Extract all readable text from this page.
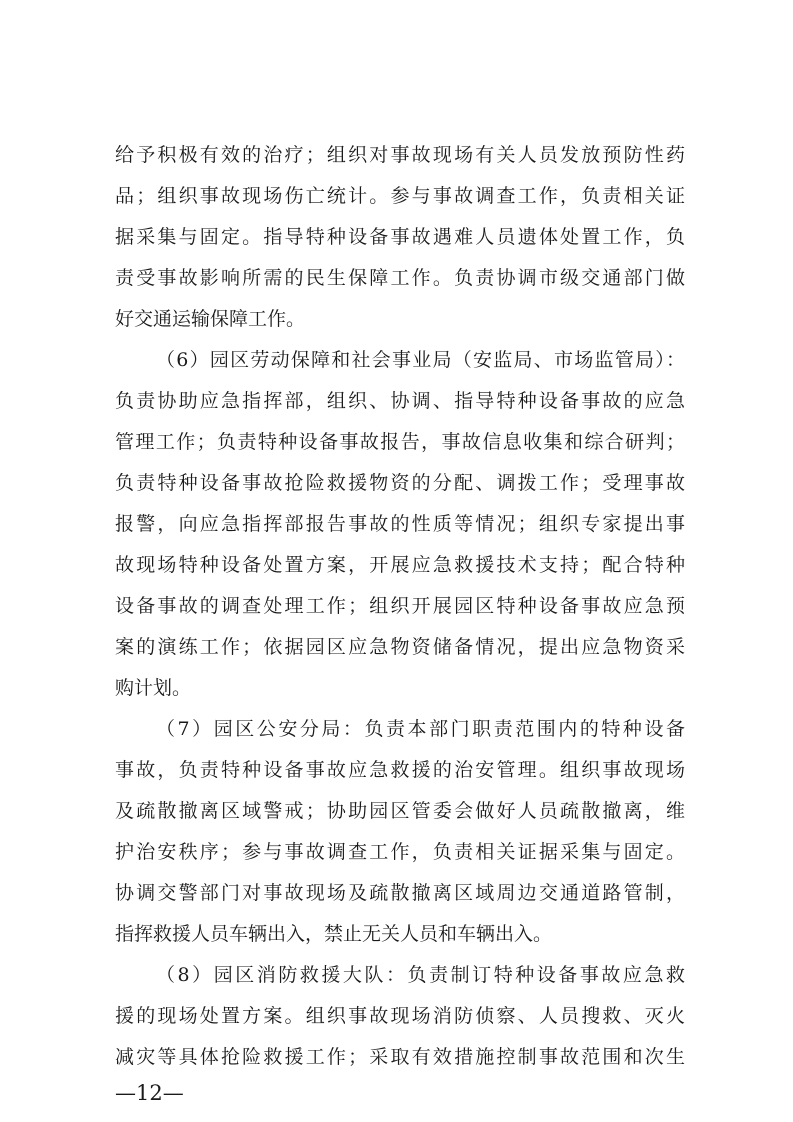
给予积极有效的治疗；组织对事故现场有关人员发放预防性药
品；组织事故现场伤亡统计。参与事故调查工作，负责相关证
据采集与固定。指导特种设备事故遇难人员遗体处置工作，负
责受事故影响所需的民生保障工作。负责协调市级交通部门做
好交通运输保障工作。
（6）园区劳动保障和社会事业局（安监局、市场监管局）：
负责协助应急指挥部，组织、协调、指导特种设备事故的应急
管理工作；负责特种设备事故报告，事故信息收集和综合研判；
负责特种设备事故抢险救援物资的分配、调拨工作；受理事故
报警，向应急指挥部报告事故的性质等情况；组织专家提出事
故现场特种设备处置方案，开展应急救援技术支持；配合特种
设备事故的调查处理工作；组织开展园区特种设备事故应急预
案的演练工作；依据园区应急物资储备情况，提出应急物资采
购计划。
（7）园区公安分局：负责本部门职责范围内的特种设备
事故，负责特种设备事故应急救援的治安管理。组织事故现场
及疏散撤离区域警戒；协助园区管委会做好人员疏散撤离，维
护治安秩序；参与事故调查工作，负责相关证据采集与固定。
协调交警部门对事故现场及疏散撤离区域周边交通道路管制，
指挥救援人员车辆出入，禁止无关人员和车辆出入。
（8）园区消防救援大队：负责制订特种设备事故应急救
援的现场处置方案。组织事故现场消防侦察、人员搜救、灭火
减灾等具体抢险救援工作；采取有效措施控制事故范围和次生
—12—
